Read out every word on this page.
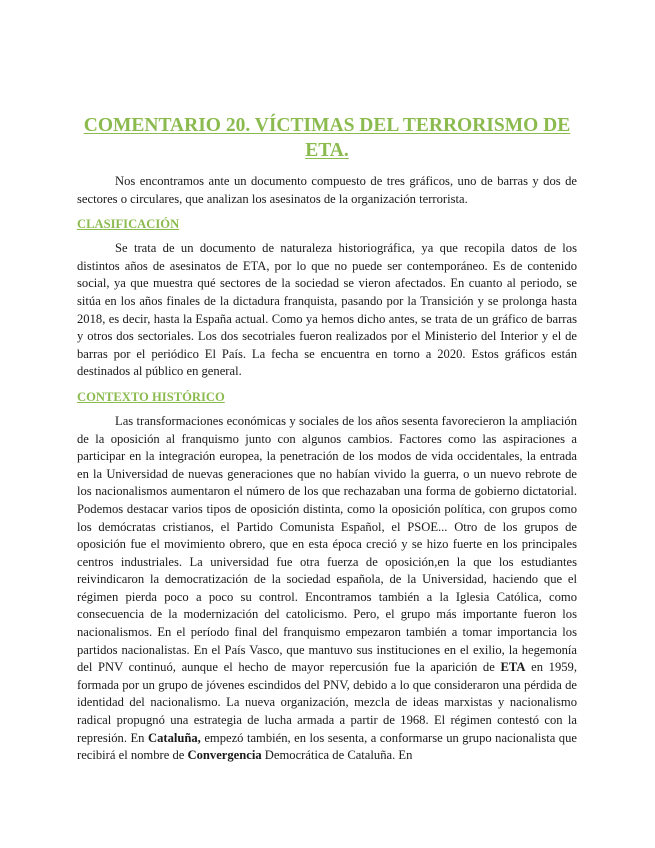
COMENTARIO 20. VÍCTIMAS DEL TERRORISMO DE ETA.

Nos encontramos ante un documento compuesto de tres gráficos, uno de barras y dos de sectores o circulares, que analizan los asesinatos de la organización terrorista.

CLASIFICACIÓN

Se trata de un documento de naturaleza historiográfica, ya que recopila datos de los distintos años de asesinatos de ETA, por lo que no puede ser contemporáneo. Es de contenido social, ya que muestra qué sectores de la sociedad se vieron afectados. En cuanto al periodo, se sitúa en los años finales de la dictadura franquista, pasando por la Transición y se prolonga hasta 2018, es decir, hasta la España actual. Como ya hemos dicho antes, se trata de un gráfico de barras y otros dos sectoriales. Los dos secotriales fueron realizados por el Ministerio del Interior y el de barras por el periódico El País. La fecha se encuentra en torno a 2020. Estos gráficos están destinados al público en general.

CONTEXTO HISTÓRICO

Las transformaciones económicas y sociales de los años sesenta favorecieron la ampliación de la oposición al franquismo junto con algunos cambios. Factores como las aspiraciones a participar en la integración europea, la penetración de los modos de vida occidentales, la entrada en la Universidad de nuevas generaciones que no habían vivido la guerra, o un nuevo rebrote de los nacionalismos aumentaron el número de los que rechazaban una forma de gobierno dictatorial. Podemos destacar varios tipos de oposición distinta, como la oposición política, con grupos como los demócratas cristianos, el Partido Comunista Español, el PSOE... Otro de los grupos de oposición fue el movimiento obrero, que en esta época creció y se hizo fuerte en los principales centros industriales. La universidad fue otra fuerza de oposición,en la que los estudiantes reivindicaron la democratización de la sociedad española, de la Universidad, haciendo que el régimen pierda poco a poco su control. Encontramos también a la Iglesia Católica, como consecuencia de la modernización del catolicismo. Pero, el grupo más importante fueron los nacionalismos. En el período final del franquismo empezaron también a tomar importancia los partidos nacionalistas. En el País Vasco, que mantuvo sus instituciones en el exilio, la hegemonía del PNV continuó, aunque el hecho de mayor repercusión fue la aparición de ETA en 1959, formada por un grupo de jóvenes escindidos del PNV, debido a lo que consideraron una pérdida de identidad del nacionalismo. La nueva organización, mezcla de ideas marxistas y nacionalismo radical propugnó una estrategia de lucha armada a partir de 1968. El régimen contestó con la represión. En Cataluña, empezó también, en los sesenta, a conformarse un grupo nacionalista que recibirá el nombre de Convergencia Democrática de Cataluña. En
